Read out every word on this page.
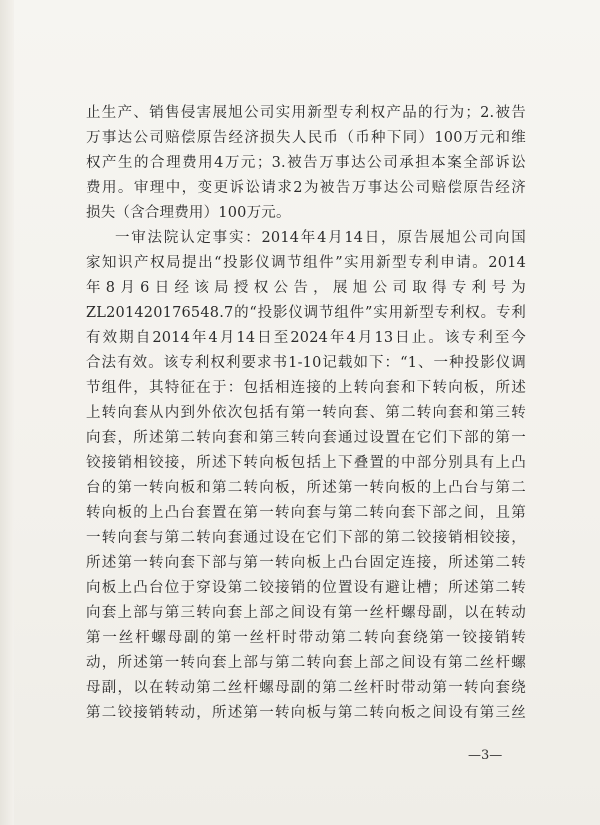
止生产、销售侵害展旭公司实用新型专利权产品的行为；2.被告
万事达公司赔偿原告经济损失人民币（币种下同）100万元和维
权产生的合理费用4万元；3.被告万事达公司承担本案全部诉讼
费用。审理中，变更诉讼请求2为被告万事达公司赔偿原告经济
损失（含合理费用）100万元。
一审法院认定事实：2014年4月14日，原告展旭公司向国
家知识产权局提出“投影仪调节组件”实用新型专利申请。2014
年8月6日经该局授权公告，展旭公司取得专利号为
ZL201420176548.7的“投影仪调节组件”实用新型专利权。专利
有效期自2014年4月14日至2024年4月13日止。该专利至今
合法有效。该专利权利要求书1-10记载如下：“1、一种投影仪调
节组件，其特征在于：包括相连接的上转向套和下转向板，所述
上转向套从内到外依次包括有第一转向套、第二转向套和第三转
向套，所述第二转向套和第三转向套通过设置在它们下部的第一
铰接销相铰接，所述下转向板包括上下叠置的中部分别具有上凸
台的第一转向板和第二转向板，所述第一转向板的上凸台与第二
转向板的上凸台套置在第一转向套与第二转向套下部之间，且第
一转向套与第二转向套通过设在它们下部的第二铰接销相铰接，
所述第一转向套下部与第一转向板上凸台固定连接，所述第二转
向板上凸台位于穿设第二铰接销的位置设有避让槽；所述第二转
向套上部与第三转向套上部之间设有第一丝杆螺母副，以在转动
第一丝杆螺母副的第一丝杆时带动第二转向套绕第一铰接销转
动，所述第一转向套上部与第二转向套上部之间设有第二丝杆螺
母副，以在转动第二丝杆螺母副的第二丝杆时带动第一转向套绕
第二铰接销转动，所述第一转向板与第二转向板之间设有第三丝
—3—
